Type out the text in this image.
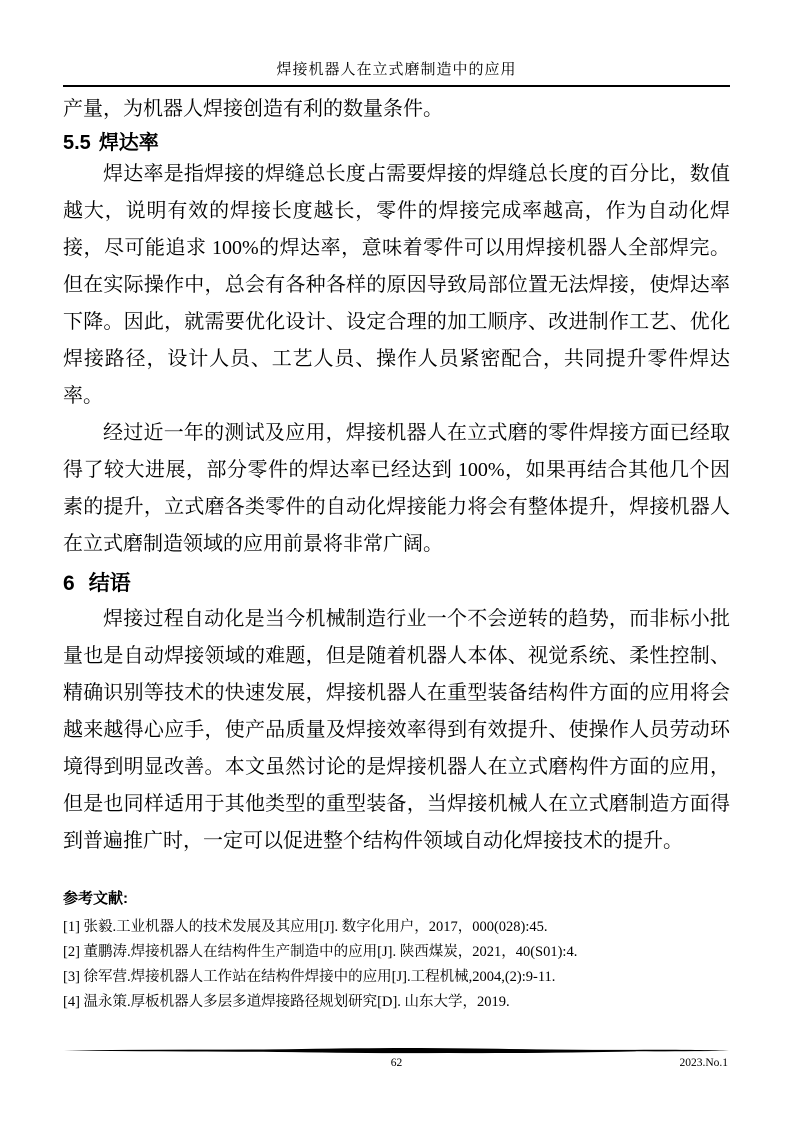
焊接机器人在立式磨制造中的应用

产量，为机器人焊接创造有利的数量条件。

5.5 焊达率

焊达率是指焊接的焊缝总长度占需要焊接的焊缝总长度的百分比，数值越大，说明有效的焊接长度越长，零件的焊接完成率越高，作为自动化焊接，尽可能追求 100%的焊达率，意味着零件可以用焊接机器人全部焊完。但在实际操作中，总会有各种各样的原因导致局部位置无法焊接，使焊达率下降。因此，就需要优化设计、设定合理的加工顺序、改进制作工艺、优化焊接路径，设计人员、工艺人员、操作人员紧密配合，共同提升零件焊达率。

经过近一年的测试及应用，焊接机器人在立式磨的零件焊接方面已经取得了较大进展，部分零件的焊达率已经达到 100%，如果再结合其他几个因素的提升，立式磨各类零件的自动化焊接能力将会有整体提升，焊接机器人在立式磨制造领域的应用前景将非常广阔。

6 结语

焊接过程自动化是当今机械制造行业一个不会逆转的趋势，而非标小批量也是自动焊接领域的难题，但是随着机器人本体、视觉系统、柔性控制、精确识别等技术的快速发展，焊接机器人在重型装备结构件方面的应用将会越来越得心应手，使产品质量及焊接效率得到有效提升、使操作人员劳动环境得到明显改善。本文虽然讨论的是焊接机器人在立式磨构件方面的应用，但是也同样适用于其他类型的重型装备，当焊接机械人在立式磨制造方面得到普遍推广时，一定可以促进整个结构件领域自动化焊接技术的提升。

参考文献:
[1] 张毅.工业机器人的技术发展及其应用[J]. 数字化用户，2017，000(028):45.
[2] 董鹏涛.焊接机器人在结构件生产制造中的应用[J]. 陕西煤炭，2021，40(S01):4.
[3] 徐军营.焊接机器人工作站在结构件焊接中的应用[J].工程机械,2004,(2):9-11.
[4] 温永策.厚板机器人多层多道焊接路径规划研究[D]. 山东大学，2019.
62	2023.No.1
